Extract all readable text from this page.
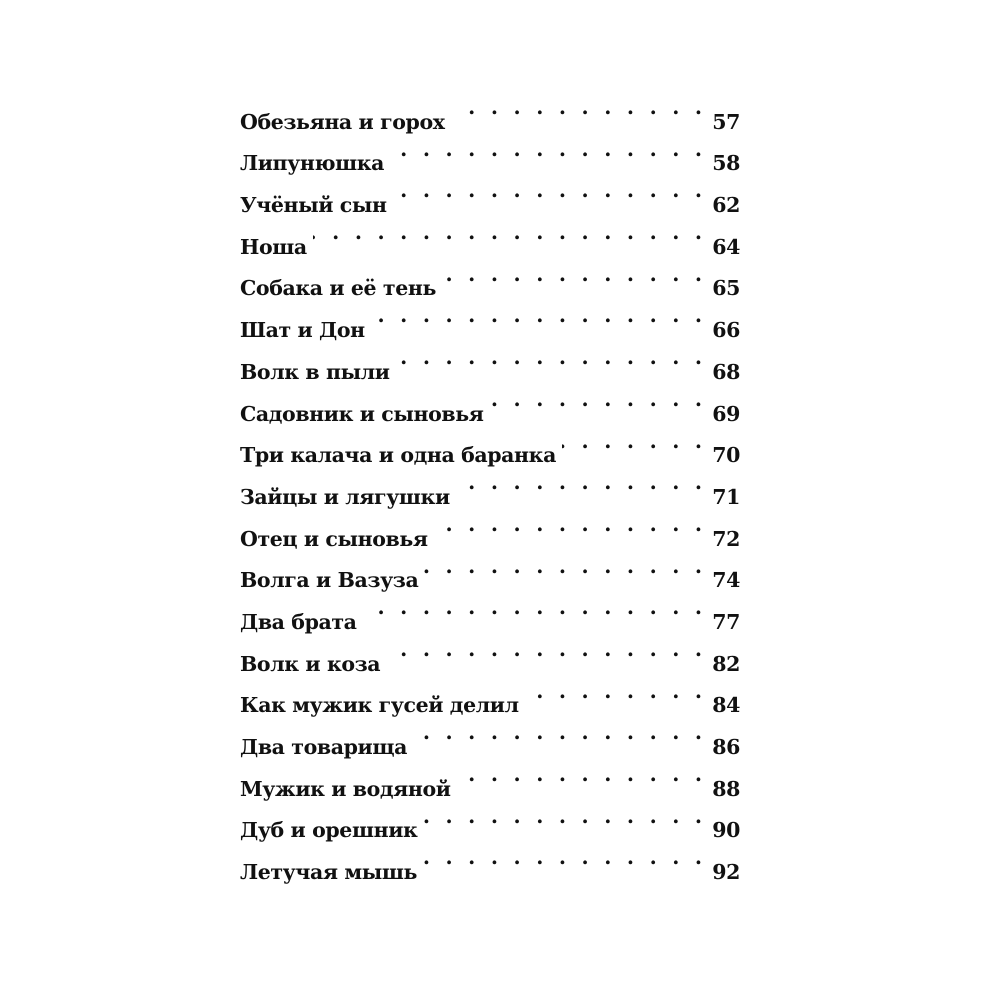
Обезьяна и горох . . .	57
Липунюшка . . .	58
Учёный сын . . .	62
Ноша . . .	64
Собака и её тень . . .	65
Шат и Дон . . .	66
Волк в пыли . . .	68
Садовник и сыновья . . .	69
Три калача и одна баранка . . .	70
Зайцы и лягушки . . .	71
Отец и сыновья . . .	72
Волга и Вазуза . . .	74
Два брата . . .	77
Волк и коза . . .	82
Как мужик гусей делил . . .	84
Два товарища . . .	86
Мужик и водяной . . .	88
Дуб и орешник . . .	90
Летучая мышь . . .	92
